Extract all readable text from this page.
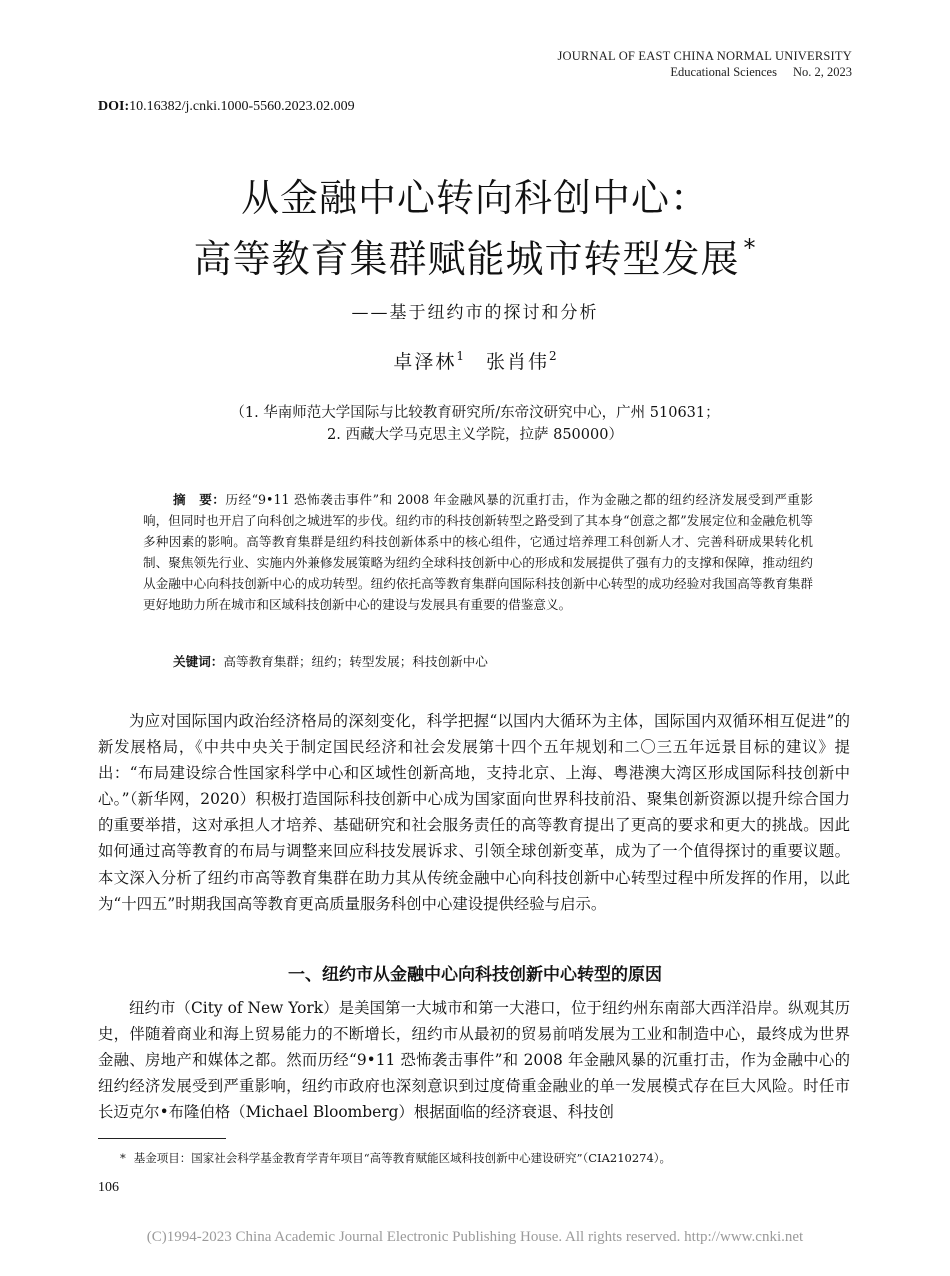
JOURNAL OF EAST CHINA NORMAL UNIVERSITY
Educational Sciences No. 2, 2023
DOI:10.16382/j.cnki.1000-5560.2023.02.009
从金融中心转向科创中心：
高等教育集群赋能城市转型发展 *
——基于纽约市的探讨和分析
卓泽林$^1$ 张肖伟$^2$
（1. 华南师范大学国际与比较教育研究所/东帝汶研究中心，广州 510631；
2. 西藏大学马克思主义学院，拉萨 850000）
摘　要：历经“9•11 恐怖袭击事件”和 2008 年金融风暴的沉重打击，作为金融之都的纽约经济发展受到严重影响，但同时也开启了向科创之城进军的步伐。纽约市的科技创新转型之路受到了其本身“创意之都”发展定位和金融危机等多种因素的影响。高等教育集群是纽约科技创新体系中的核心组件，它通过培养理工科创新人才、完善科研成果转化机制、聚焦领先行业、实施内外兼修发展策略为纽约全球科技创新中心的形成和发展提供了强有力的支撑和保障，推动纽约从金融中心向科技创新中心的成功转型。纽约依托高等教育集群向国际科技创新中心转型的成功经验对我国高等教育集群更好地助力所在城市和区域科技创新中心的建设与发展具有重要的借鉴意义。
关键词：高等教育集群；纽约；转型发展；科技创新中心
为应对国际国内政治经济格局的深刻变化，科学把握“以国内大循环为主体，国际国内双循环相互促进”的新发展格局，《中共中央关于制定国民经济和社会发展第十四个五年规划和二〇三五年远景目标的建议》提出：“布局建设综合性国家科学中心和区域性创新高地，支持北京、上海、粤港澳大湾区形成国际科技创新中心。”（新华网，2020）积极打造国际科技创新中心成为国家面向世界科技前沿、聚集创新资源以提升综合国力的重要举措，这对承担人才培养、基础研究和社会服务责任的高等教育提出了更高的要求和更大的挑战。因此如何通过高等教育的布局与调整来回应科技发展诉求、引领全球创新变革，成为了一个值得探讨的重要议题。本文深入分析了纽约市高等教育集群在助力其从传统金融中心向科技创新中心转型过程中所发挥的作用，以此为“十四五”时期我国高等教育更高质量服务科创中心建设提供经验与启示。
一、纽约市从金融中心向科技创新中心转型的原因
纽约市（City of New York）是美国第一大城市和第一大港口，位于纽约州东南部大西洋沿岸。纵观其历史，伴随着商业和海上贸易能力的不断增长，纽约市从最初的贸易前哨发展为工业和制造中心，最终成为世界金融、房地产和媒体之都。然而历经“9•11 恐怖袭击事件”和 2008 年金融风暴的沉重打击，作为金融中心的纽约经济发展受到严重影响，纽约市政府也深刻意识到过度倚重金融业的单一发展模式存在巨大风险。时任市长迈克尔•布隆伯格（Michael Bloomberg）根据面临的经济衰退、科技创
* 基金项目：国家社会科学基金教育学青年项目“高等教育赋能区域科技创新中心建设研究”（CIA210274）。
106
(C)1994-2023 China Academic Journal Electronic Publishing House. All rights reserved. http://www.cnki.net
